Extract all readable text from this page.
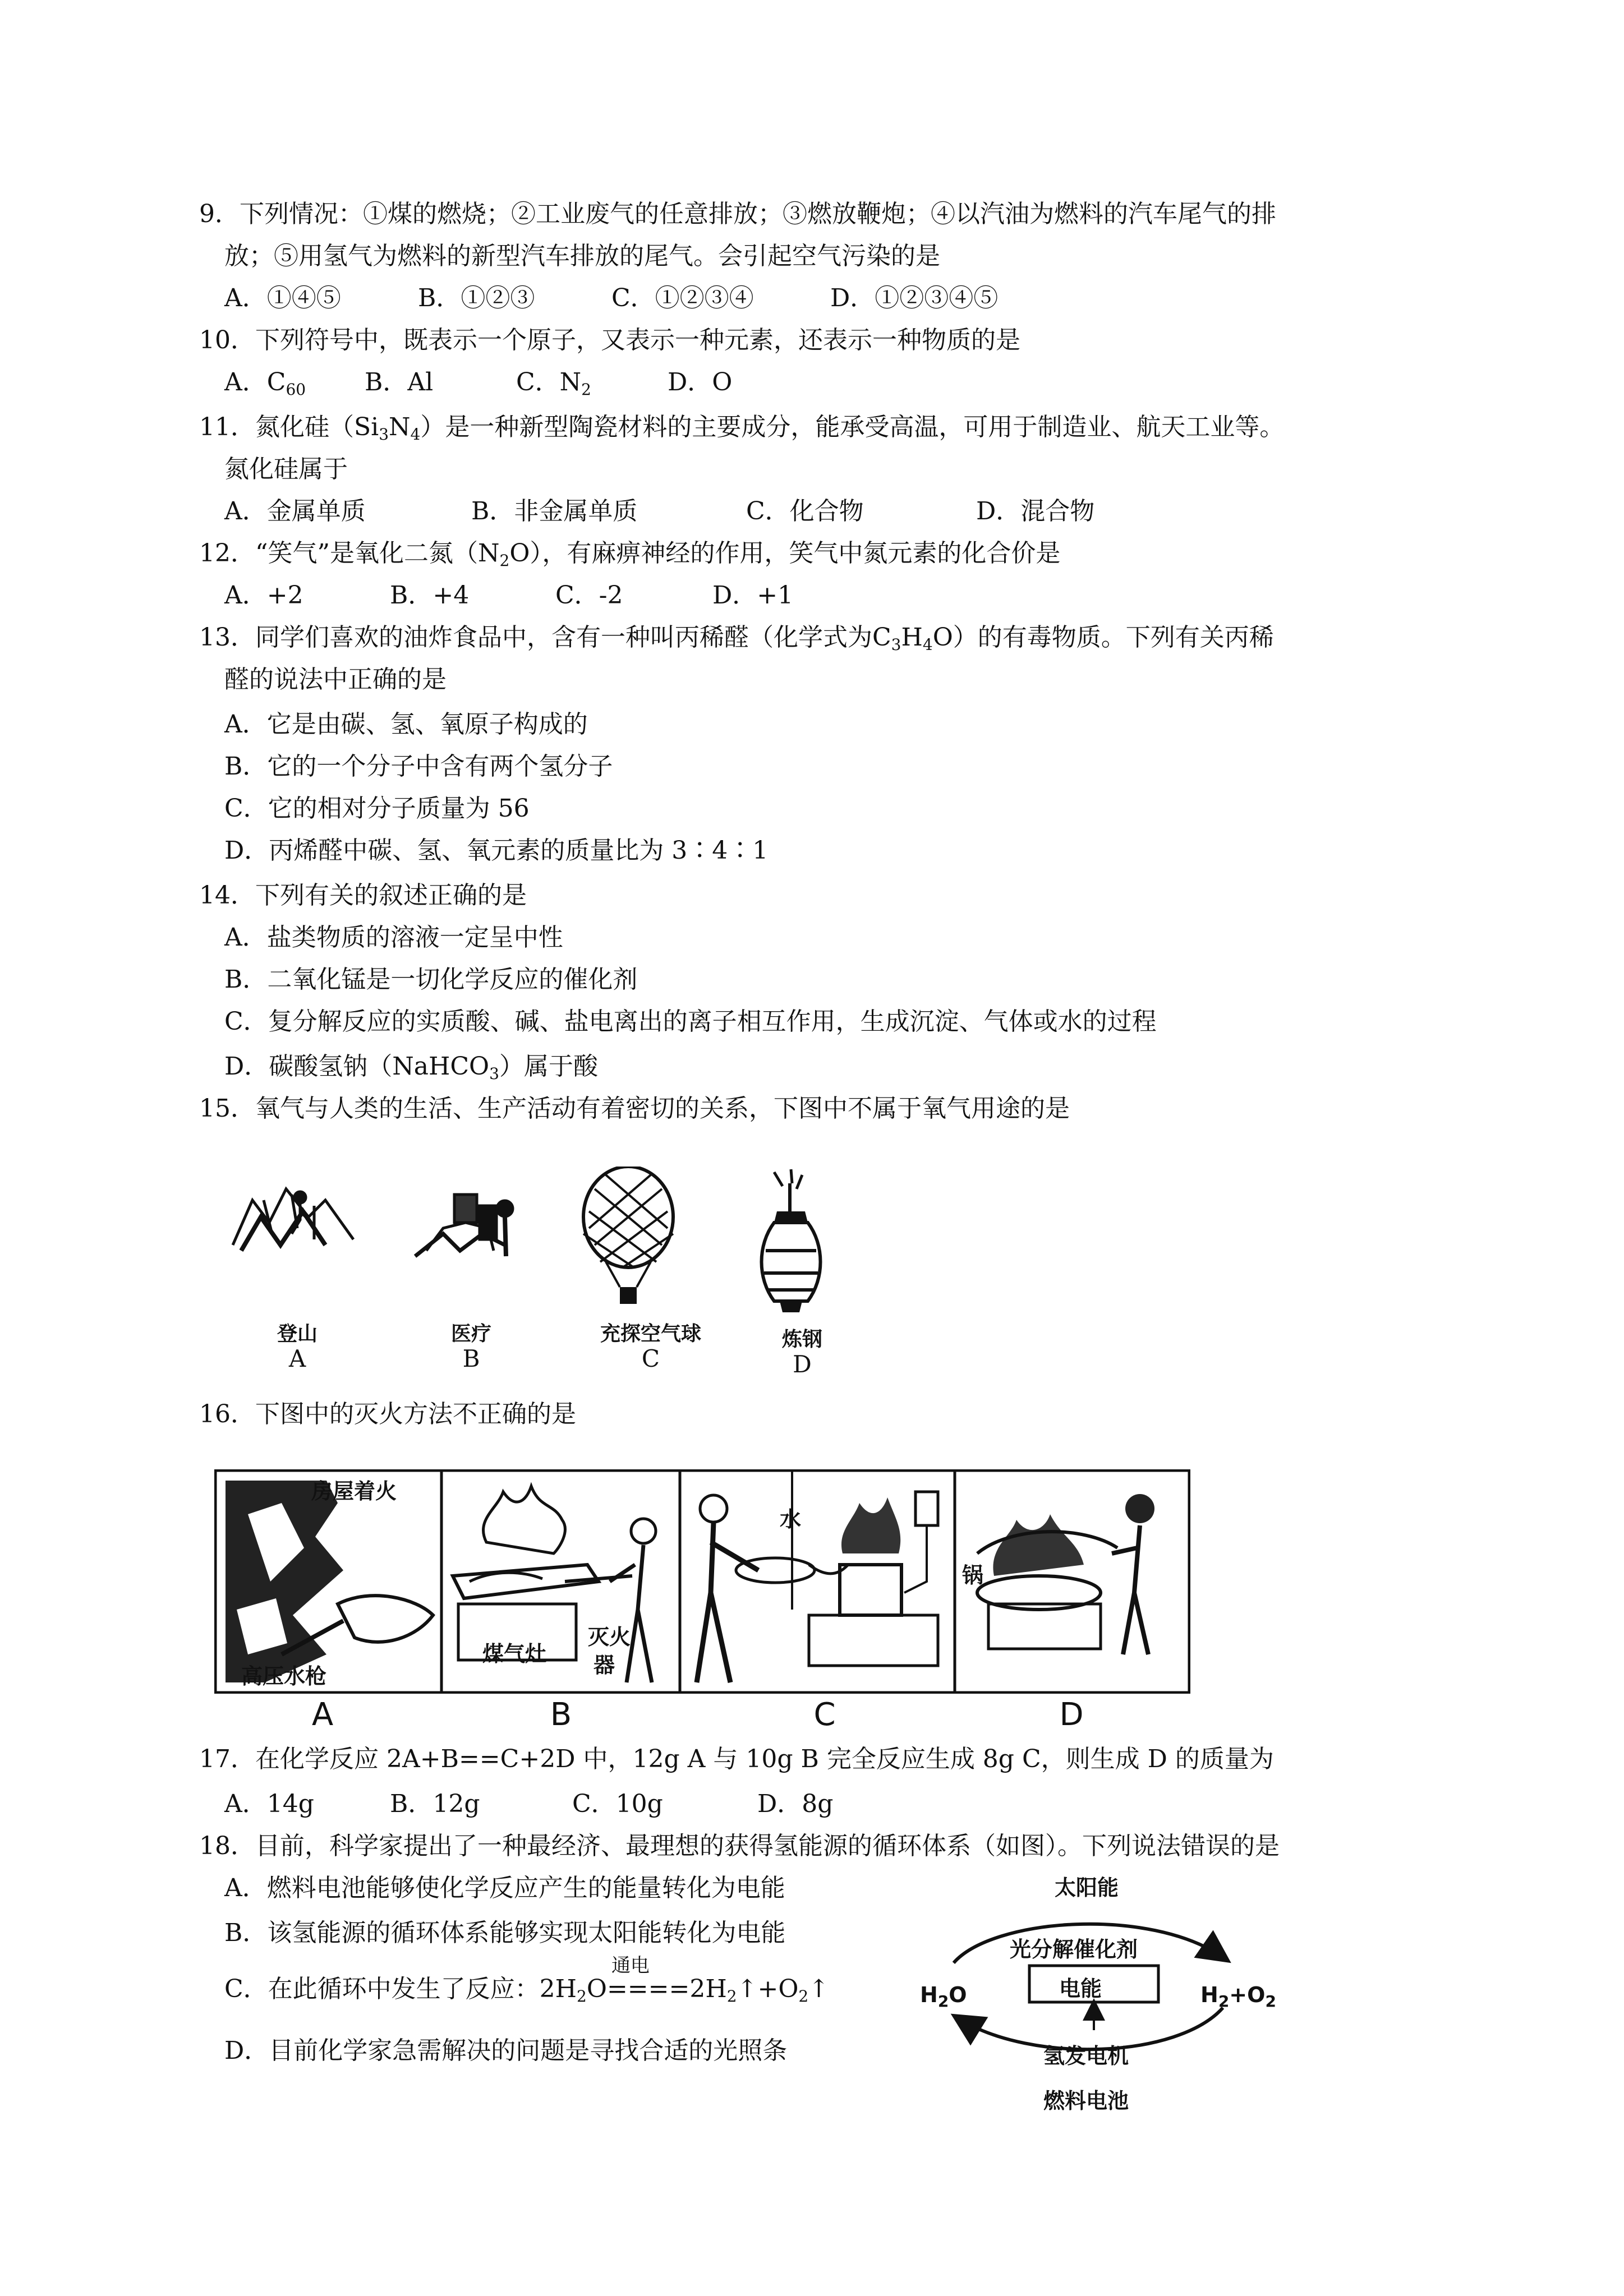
9．下列情况：①煤的燃烧；②工业废气的任意排放；③燃放鞭炮；④以汽油为燃料的汽车尾气的排
放；⑤用氢气为燃料的新型汽车排放的尾气。会引起空气污染的是
A．①④⑤	B．①②③	C．①②③④	D．①②③④⑤
10．下列符号中，既表示一个原子，又表示一种元素，还表示一种物质的是
A．$C_{60}$ B．Al	C．$N_2$	D．O
11．氮化硅$(Si_3N_4)$是一种新型陶瓷材料的主要成分，能承受高温，可用于制造业、航天工业等。
氮化硅属于
A．金属单质	B．非金属单质	C．化合物	D．混合物
12．“笑气”是氧化二氮$(N_2O)$，有麻痹神经的作用，笑气中氮元素的化合价是
A．+2	B．+4	C．-2	D．+1
13．同学们喜欢的油炸食品中，含有一种叫丙稀醛（化学式为$C_3H_4O$）的有毒物质。下列有关丙稀
醛的说法中正确的是
A．它是由碳、氢、氧原子构成的
B．它的一个分子中含有两个氢分子
C．它的相对分子质量为 56
D．丙烯醛中碳、氢、氧元素的质量比为 3∶4∶1
14．下列有关的叙述正确的是
A．盐类物质的溶液一定呈中性
B．二氧化锰是一切化学反应的催化剂
C．复分解反应的实质酸、碱、盐电离出的离子相互作用，生成沉淀、气体或水的过程
D．碳酸氢钠（NaHCO$_3$）属于酸
15．氧气与人类的生活、生产活动有着密切的关系，下图中不属于氧气用途的是
登山
A
医疗
B
充探空气球
C
炼钢
D
16．下图中的灭火方法不正确的是
房屋着火
高压水枪
煤气灶
灭火
器
水
锅
A	B	C	D
17．在化学反应 2A+B==C+2D 中，12g A 与 10g B 完全反应生成 8g C，则生成 D 的质量为
A．14g	B．12g	C．10g	D．8g
18．目前，科学家提出了一种最经济、最理想的获得氢能源的循环体系（如图）。下列说法错误的是
A．燃料电池能够使化学反应产生的能量转化为电能
B．该氢能源的循环体系能够实现太阳能转化为电能
C．在此循环中发生了反应：$2H_2O$
通电
$====2H_2↑+O_2↑$
D．目前化学家急需解决的问题是寻找合适的光照条
太阳能
光分解催化剂
电能
$H_2O$	$H_2+O_2$
氢发电机
燃料电池
